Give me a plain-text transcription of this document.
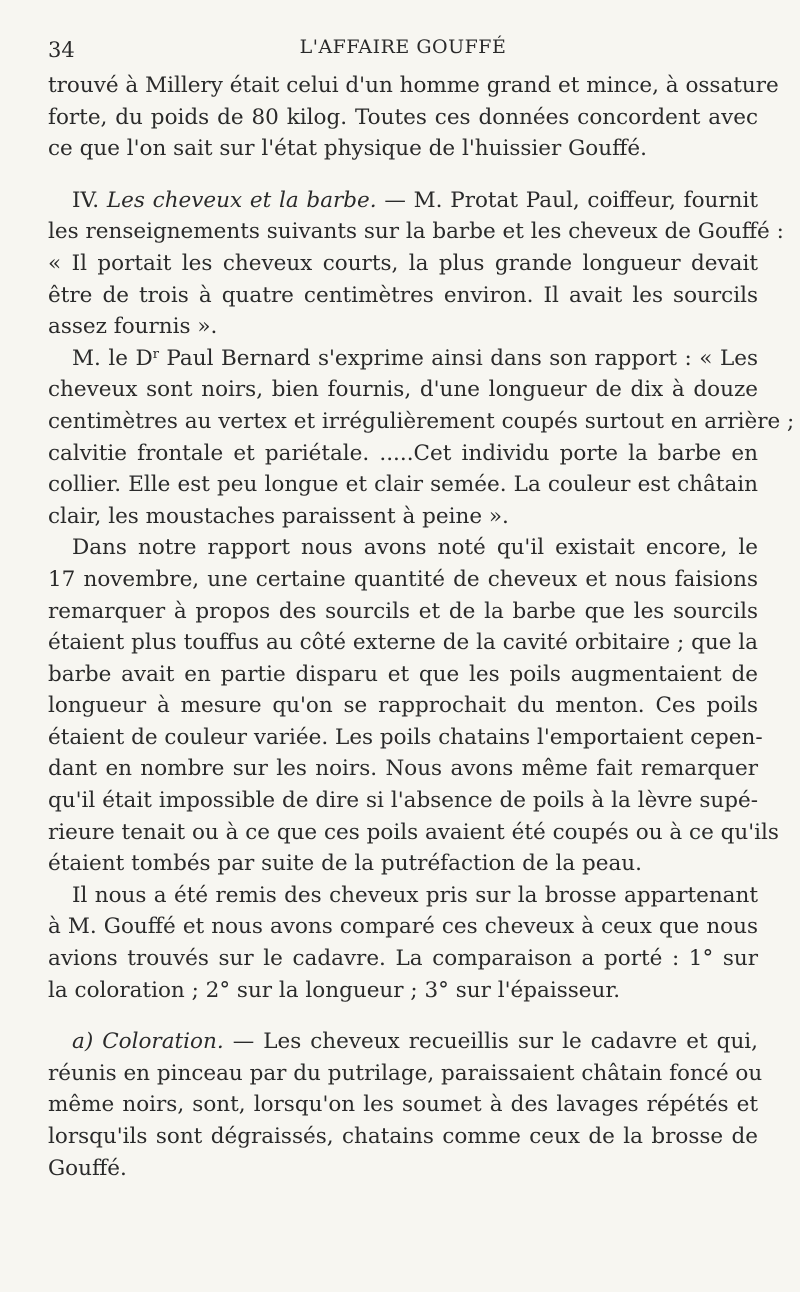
34	L'AFFAIRE GOUFFÉ

trouvé à Millery était celui d'un homme grand et mince, à ossature
forte, du poids de 80 kilog. Toutes ces données concordent avec
ce que l'on sait sur l'état physique de l'huissier Gouffé.

IV. Les cheveux et la barbe. — M. Protat Paul, coiffeur, fournit
les renseignements suivants sur la barbe et les cheveux de Gouffé :
« Il portait les cheveux courts, la plus grande longueur devait
être de trois à quatre centimètres environ. Il avait les sourcils
assez fournis ».

M. le $D^r$ Paul Bernard s'exprime ainsi dans son rapport : « Les
cheveux sont noirs, bien fournis, d'une longueur de dix à douze
centimètres au vertex et irrégulièrement coupés surtout en arrière ;
calvitie frontale et pariétale. .....Cet individu porte la barbe en
collier. Elle est peu longue et clair semée. La couleur est châtain
clair, les moustaches paraissent à peine ».

Dans notre rapport nous avons noté qu'il existait encore, le
17 novembre, une certaine quantité de cheveux et nous faisions
remarquer à propos des sourcils et de la barbe que les sourcils
étaient plus touffus au côté externe de la cavité orbitaire ; que la
barbe avait en partie disparu et que les poils augmentaient de
longueur à mesure qu'on se rapprochait du menton. Ces poils
étaient de couleur variée. Les poils chatains l'emportaient cepen-
dant en nombre sur les noirs. Nous avons même fait remarquer
qu'il était impossible de dire si l'absence de poils à la lèvre supé-
rieure tenait ou à ce que ces poils avaient été coupés ou à ce qu'ils
étaient tombés par suite de la putréfaction de la peau.

Il nous a été remis des cheveux pris sur la brosse appartenant
à M. Gouffé et nous avons comparé ces cheveux à ceux que nous
avions trouvés sur le cadavre. La comparaison a porté : 1° sur
la coloration ; 2° sur la longueur ; 3° sur l'épaisseur.

a) Coloration. — Les cheveux recueillis sur le cadavre et qui,
réunis en pinceau par du putrilage, paraissaient châtain foncé ou
même noirs, sont, lorsqu'on les soumet à des lavages répétés et
lorsqu'ils sont dégraissés, chatains comme ceux de la brosse de
Gouffé.
